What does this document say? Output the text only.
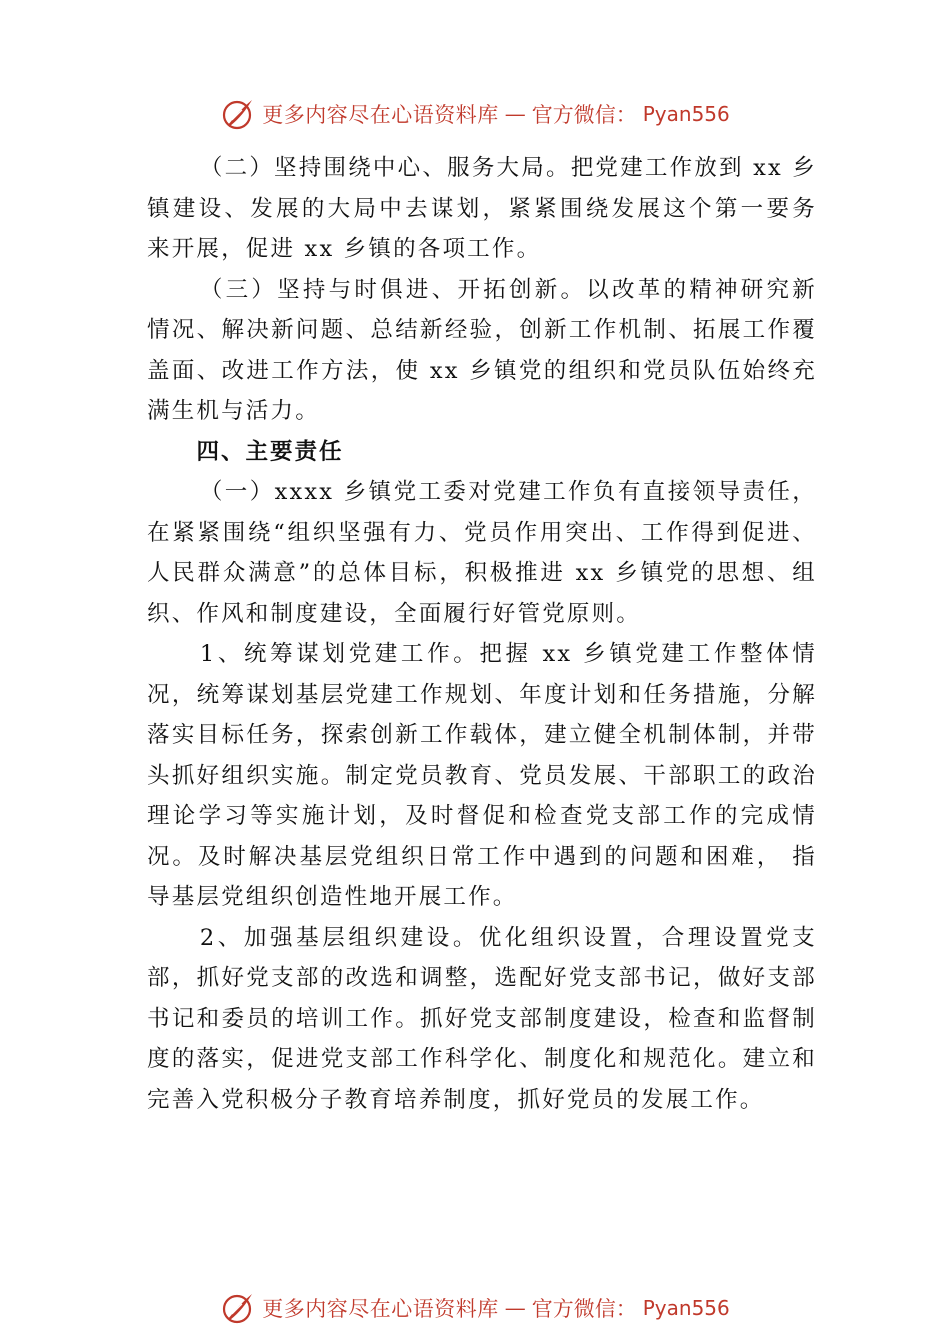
更多内容尽在心语资料库 — 官方微信： Pyan556

（二）坚持围绕中心、服务大局。把党建工作放到 xx 乡镇建设、发展的大局中去谋划，紧紧围绕发展这个第一要务 来开展，促进 xx 乡镇的各项工作。

（三）坚持与时俱进、开拓创新。以改革的精神研究新情况、解决新问题、总结新经验，创新工作机制、拓展工作覆盖面、改进工作方法，使 xx 乡镇党的组织和党员队伍始终充满生机与活力。

四、主要责任

（一）xxxx 乡镇党工委对党建工作负有直接领导责任，在紧紧围绕“组织坚强有力、党员作用突出、工作得到促进、人民群众满意”的总体目标，积极推进 xx 乡镇党的思想、组织、作风和制度建设，全面履行好管党原则。

1、统筹谋划党建工作。把握 xx 乡镇党建工作整体情况，统筹谋划基层党建工作规划、年度计划和任务措施，分解落实目标任务，探索创新工作载体，建立健全机制体制，并带头抓好组织实施。制定党员教育、党员发展、干部职工的政治理论学习等实施计划，及时督促和检查党支部工作的完成情况。及时解决基层党组织日常工作中遇到的问题和困难， 指导基层党组织创造性地开展工作。

2、加强基层组织建设。优化组织设置，合理设置党支部，抓好党支部的改选和调整，选配好党支部书记，做好支部书记和委员的培训工作。抓好党支部制度建设，检查和监督制度的落实，促进党支部工作科学化、制度化和规范化。建立和完善入党积极分子教育培养制度，抓好党员的发展工作。

更多内容尽在心语资料库 — 官方微信： Pyan556
